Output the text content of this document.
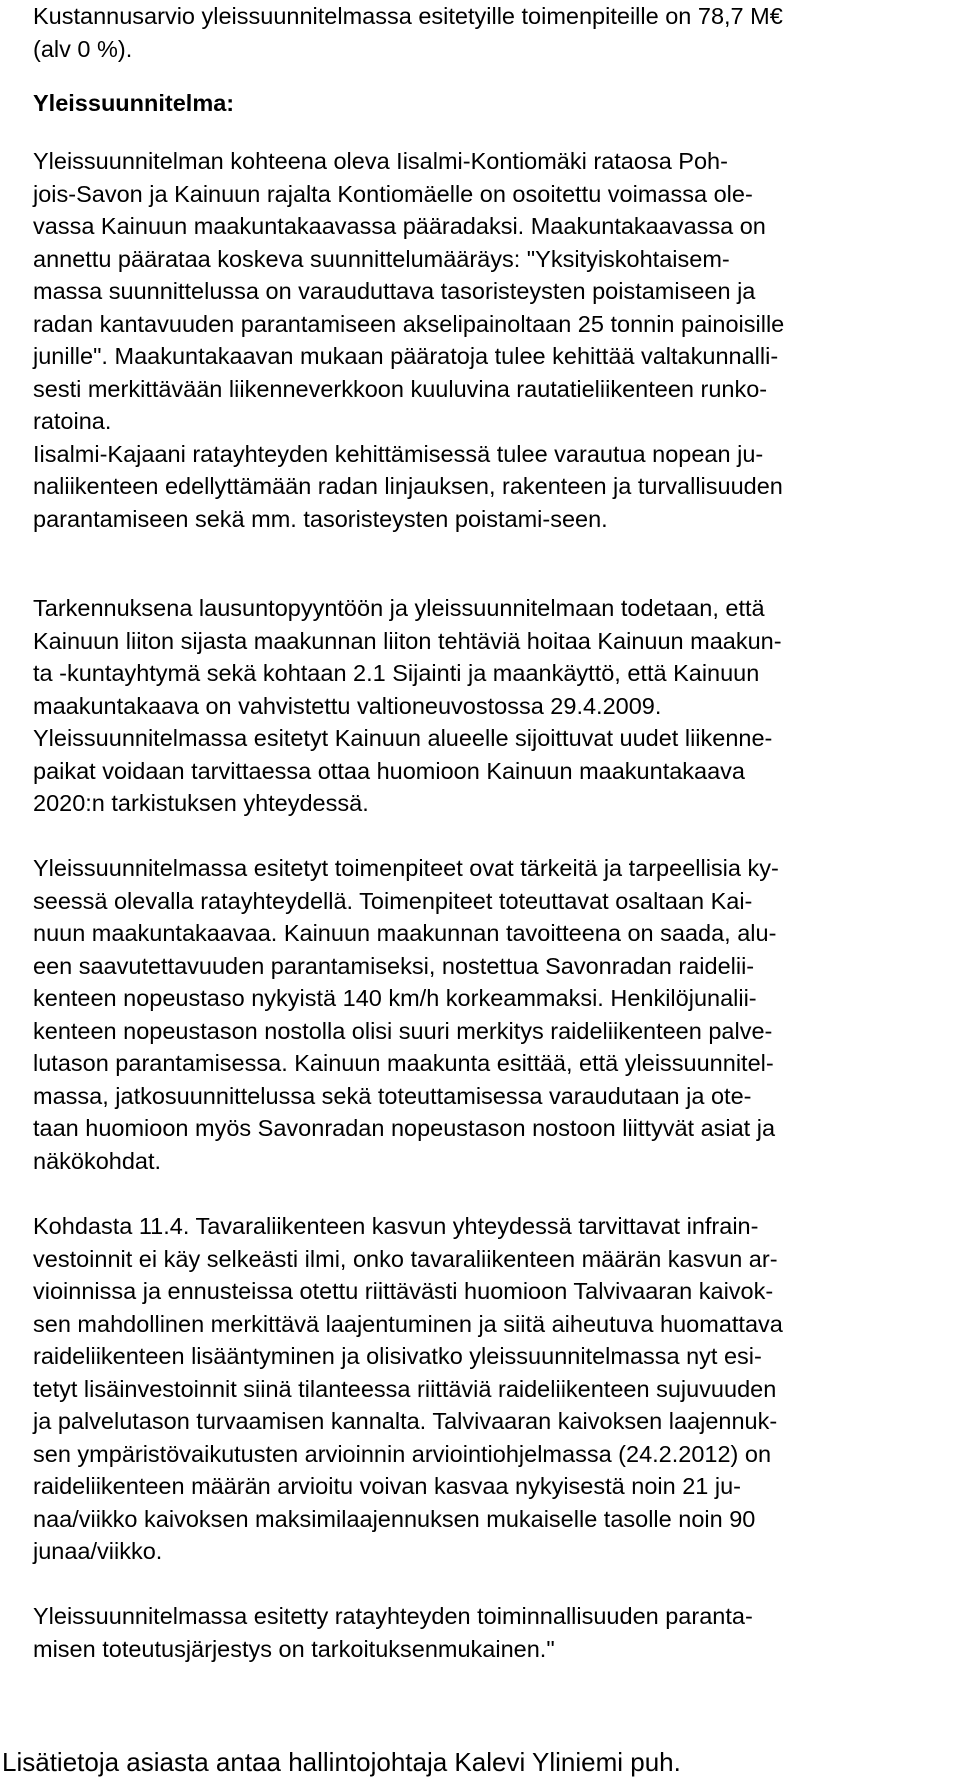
Kustannusarvio yleissuunnitelmassa esitetyille toimenpiteille on 78,7 M€
(alv 0 %).
Yleissuunnitelma:
Yleissuunnitelman kohteena oleva Iisalmi-Kontiomäki rataosa Poh-
jois-Savon ja Kainuun rajalta Kontiomäelle on osoitettu voimassa ole-
vassa Kainuun maakuntakaavassa pääradaksi. Maakuntakaavassa on
annettu pääratаa koskeva suunnittelumääräys: "Yksityiskohtaisem-
massa suunnittelussa on varauduttava tasoristeysten poistamiseen ja
radan kantavuuden parantamiseen akselipainoltaan 25 tonnin painoisille
junille". Maakuntakaavan mukaan pääratoja tulee kehittää valtakunnalli-
sesti merkittävään liikenneverkkoon kuuluvina rautatieliikenteen runko-
ratoina.
Iisalmi-Kajaani ratayhteyden kehittämisessä tulee varautua nopean ju-
naliikenteen edellyttämään radan linjauksen, rakenteen ja turvallisuuden
parantamiseen sekä mm. tasoristeysten poistami-seen.
Tarkennuksena lausuntopyyntöön ja yleissuunnitelmaan todetaan, että
Kainuun liiton sijasta maakunnan liiton tehtäviä hoitaa Kainuun maakun-
ta -kuntayhtymä sekä kohtaan 2.1 Sijainti ja maankäyttö, että Kainuun
maakuntakaava on vahvistettu valtioneuvostossa 29.4.2009.
Yleissuunnitelmassa esitetyt Kainuun alueelle sijoittuvat uudet liikenne-
paikat voidaan tarvittaessa ottaa huomioon Kainuun maakuntakaava
2020:n tarkistuksen yhteydessä.
Yleissuunnitelmassa esitetyt toimenpiteet ovat tärkeitä ja tarpeellisia ky-
seessä olevalla ratayhteydellä. Toimenpiteet toteuttavat osaltaan Kai-
nuun maakuntakaavaa. Kainuun maakunnan tavoitteena on saada, alu-
een saavutettavuuden parantamiseksi, nostettua Savonradan raidelii-
kenteen nopeustaso nykyistä 140 km/h korkeammaksi. Henkilöjunalii-
kenteen nopeustason nostolla olisi suuri merkitys raideliikenteen palve-
lutason parantamisessa. Kainuun maakunta esittää, että yleissuunnitel-
massa, jatkosuunnittelussa sekä toteuttamisessa varaudutaan ja ote-
taan huomioon myös Savonradan nopeustason nostoon liittyvät asiat ja
näkökohdat.
Kohdasta 11.4. Tavaraliikenteen kasvun yhteydessä tarvittavat infrain-
vestoinnit ei käy selkeästi ilmi, onko tavaraliikenteen määrän kasvun ar-
vioinnissa ja ennusteissa otettu riittävästi huomioon Talvivaaran kaivok-
sen mahdollinen merkittävä laajentuminen ja siitä aiheutuva huomattava
raideliikenteen lisääntyminen ja olisivatko yleissuunnitelmassa nyt esi-
tetyt lisäinvestoinnit siinä tilanteessa riittäviä raideliikenteen sujuvuuden
ja palvelutason turvaamisen kannalta. Talvivaaran kaivoksen laajennuk-
sen ympäristövaikutusten arvioinnin arviointiohjelmassa (24.2.2012) on
raideliikenteen määrän arvioitu voivan kasvaa nykyisestä noin 21 ju-
naa/viikko kaivoksen maksimilaajennuksen mukaiselle tasolle noin 90
junaa/viikko.
Yleissuunnitelmassa esitetty ratayhteyden toiminnallisuuden paranta-
misen toteutusjärjestys on tarkoituksenmukainen."
Lisätietoja asiasta antaa hallintojohtaja Kalevi Yliniemi puh.
